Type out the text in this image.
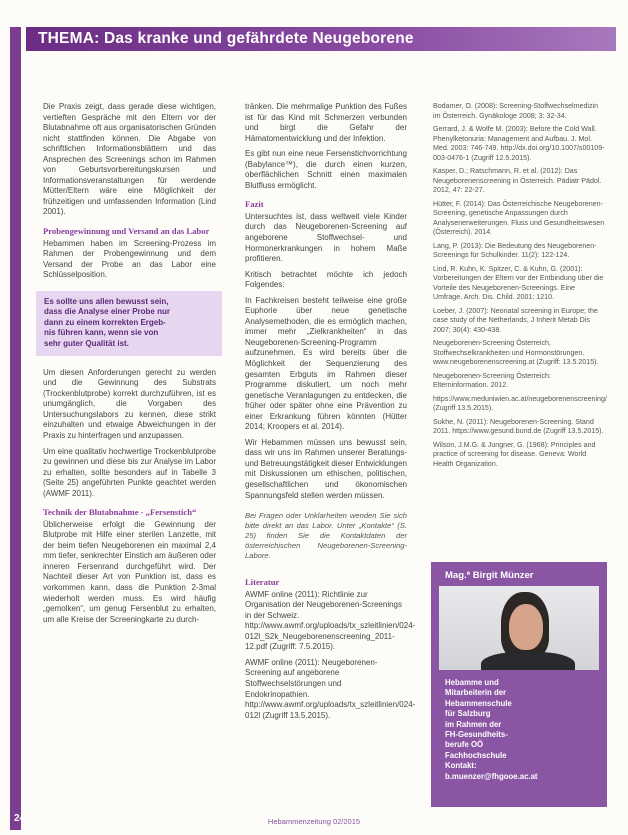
THEMA: Das kranke und gefährdete Neugeborene

Die Praxis zeigt, dass gerade diese wichtigen, vertieften Gespräche mit den Eltern vor der Blutabnahme oft aus organisatorischen Gründen nicht stattfinden können. Die Abgabe von schriftlichen Informationsblättern und das Ansprechen des Screenings schon im Rahmen von Geburtsvorbereitungskursen und Informationsveranstaltungen für werdende Mütter/Eltern wäre eine Möglichkeit der frühzeitigen und umfassenden Information (Lind 2001).

Probengewinnung und Versand an das Labor

Hebammen haben im Screening-Prozess im Rahmen der Probengewinnung und dem Versand der Probe an das Labor eine Schlüsselposition.

Es sollte uns allen bewusst sein,
dass die Analyse einer Probe nur
dann zu einem korrekten Ergeb-
nis führen kann, wenn sie von
sehr guter Qualität ist.

Um diesen Anforderungen gerecht zu werden und die Gewinnung des Substrats (Trockenblutprobe) korrekt durchzuführen, ist es unumgänglich, die Vorgaben des Untersuchungslabors zu kennen, diese strikt einzuhalten und etwaige Abweichungen in der Praxis zu hinterfragen und anzupassen.

Um eine qualitativ hochwertige Trockenblutprobe zu gewinnen und diese bis zur Analyse im Labor zu erhalten, sollte besonders auf in Tabelle 3 (Seite 25) angeführten Punkte geachtet werden (AWMF 2011).

Technik der Blutabnahme - „Fersenstich“

Üblicherweise erfolgt die Gewinnung der Blutprobe mit Hilfe einer sterilen Lanzette, mit der beim tiefen Neugeborenen ein maximal 2,4 mm tiefer, senkrechter Einstich am äußeren oder inneren Fersenrand durchgeführt wird. Der Nachteil dieser Art von Punktion ist, dass es vorkommen kann, dass die Punktion 2-3mal wiederholt werden muss. Es wird häufig „gemolken“, um genug Fersenblut zu erhalten, um alle Kreise der Screeningkarte zu durch-

tränken. Die mehrmalige Punktion des Fußes ist für das Kind mit Schmerzen verbunden und birgt die Gefahr der Hämatomentwicklung und der Infektion.

Es gibt nun eine neue Fersenstichvorrichtung (Babylance™), die durch einen kurzen, oberflächlichen Schnitt einen maximalen Blutfluss ermöglicht.

Fazit

Untersuchtes ist, dass weltweit viele Kinder durch das Neugeborenen-Screening auf angeborene Stoffwechsel- und Hormonerkrankungen in hohem Maße profitieren.

Kritisch betrachtet möchte ich jedoch Folgendes:

In Fachkreisen besteht teilweise eine große Euphorie über neue genetische Analysemethoden, die es ermöglich machen, immer mehr „Zielkrankheiten“ in das Neugeborenen-Screening-Programm aufzunehmen. Es wird bereits über die Möglichkeit der Sequenzierung des gesamten Erbguts im Rahmen dieser Programme diskutiert, um noch mehr genetische Veranlagungen zu entdecken, die früher oder später ohne eine Prävention zu einer Erkrankung führen könnten (Hütter 2014; Kroopers et al. 2014).

Wir Hebammen müssen uns bewusst sein, dass wir uns im Rahmen unserer Beratungs- und Betreuungstätigkeit dieser Entwicklungen mit Diskussionen um ethischen, politischen, gesellschaftlichen und ökonomischen Spannungsfeld stellen werden müssen.

Bei Fragen oder Unklarheiten wenden Sie sich bitte direkt an das Labor. Unter „Kontakte“ (S. 25) finden Sie die Kontaktdaten der österreichischen Neugeborenen-Screening-Labore.

Literatur

AWMF online (2011): Richtlinie zur Organisation der Neugeborenen-Screenings in der Schweiz. http://www.awmf.org/uploads/tx_szleitlinien/024-012l_S2k_Neugeborenenscreening_2011-12.pdf (Zugriff: 7.5.2015).

AWMF online (2011): Neugeborenen-Screening auf angeborene Stoffwechselstörungen und Endokrinopathien. http://www.awmf.org/uploads/tx_szleitlinien/024-012l (Zugriff 13.5.2015).

Bodamer, O. (2008): Screening-Stoffwechselmedizin im Österreich. Gynäkologe 2008; 3: 32-34.

Gerrard, J. & Wolfe M. (2003): Before the Cold Wall. Phenylketonuria: Management and Aufbau. J. Mol. Med. 2003: 746-749. http://dx.doi.org/10.1007/s00109-003-0476-1 (Zugriff 12.5.2015).

Kasper, D.; Ratschmann, R. et al. (2012): Das Neugeborenenscreening in Österreich. Pädiatr Pädol. 2012, 47: 22-27.

Hütter, F. (2014): Das Österreichische Neugeborenen-Screening, genetische Anpassungen durch Analysenerweiterungen. Fluss und Gesundheitswesen (Österreich). 2014.

Lang, P. (2013): Die Bedeutung des Neugeborenen-Screenings für Schulkinder. 11(2): 122-124.

Lind, R. Kuhn, K. Spitzer, C. & Kuhn, G. (2001): Vorbereitungen der Eltern vor der Entbindung über die Vorteile des Neugeborenen-Screenings. Eine Umfrage. Arch. Dis. Child. 2001: 1210.

Loeber, J. (2007): Neonatal screening in Europe; the case study of the Netherlands, J Inherit Metab Dis 2007; 30(4): 430-438.

Neugeborenen-Screening Österreich, Stoffwechselkrankheiten und Hormonstörungen. www.neugeborenenscreening.at (Zugriff: 13.5.2015).

Neugeborenen-Screening Österreich: Elterninformation. 2012.

https://www.meduniwien.ac.at/neugeborenenscreening/ (Zugriff 13.5.2015).

Sukhe, N. (2011): Neugeborenen-Screening. Stand 2011. https://www.gesund.bund.de (Zugriff 13.5.2015).

Wilson, J.M.G. & Jungner, G. (1968): Principles and practice of screening for disease. Geneva: World Health Organization.

Mag.ª Birgit Münzer
Hebamme und
Mitarbeiterin der
Hebammenschule
für Salzburg
im Rahmen der
FH-Gesundheits-
berufe OÖ
Fachhochschule
Kontakt:
b.muenzer@fhgooe.ac.at
24	Hebammenzeitung 02/2015
